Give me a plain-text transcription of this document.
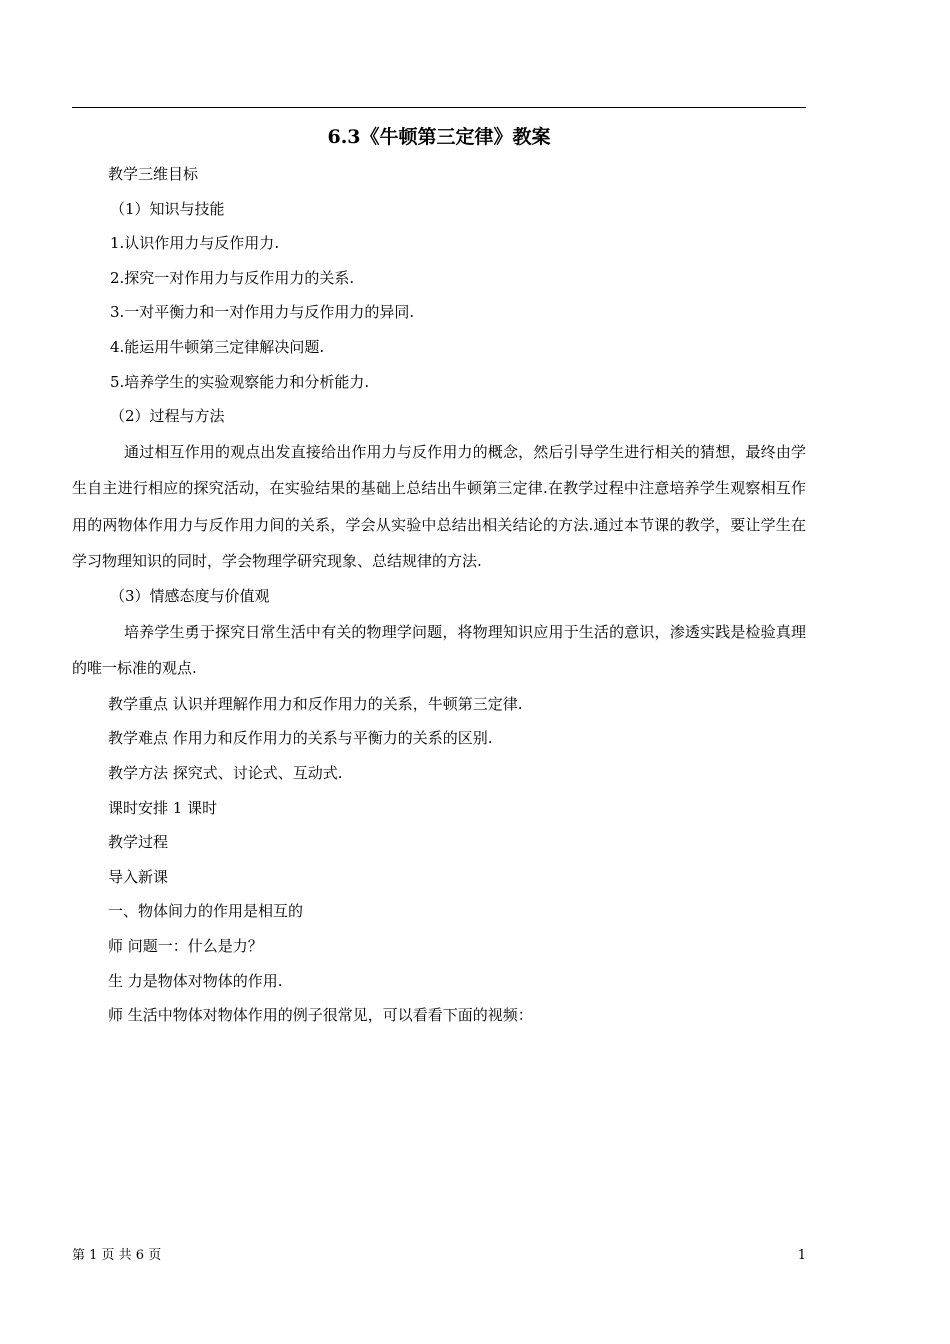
6.3《牛顿第三定律》教案
教学三维目标
（1）知识与技能
1.认识作用力与反作用力.
2.探究一对作用力与反作用力的关系.
3.一对平衡力和一对作用力与反作用力的异同.
4.能运用牛顿第三定律解决问题.
5.培养学生的实验观察能力和分析能力.
（2）过程与方法
通过相互作用的观点出发直接给出作用力与反作用力的概念，然后引导学生进行相关的猜想，最终由学生自主进行相应的探究活动，在实验结果的基础上总结出牛顿第三定律.在教学过程中注意培养学生观察相互作用的两物体作用力与反作用力间的关系，学会从实验中总结出相关结论的方法.通过本节课的教学，要让学生在学习物理知识的同时，学会物理学研究现象、总结规律的方法.
（3）情感态度与价值观
培养学生勇于探究日常生活中有关的物理学问题，将物理知识应用于生活的意识，渗透实践是检验真理的唯一标准的观点.
教学重点 认识并理解作用力和反作用力的关系，牛顿第三定律.
教学难点 作用力和反作用力的关系与平衡力的关系的区别.
教学方法 探究式、讨论式、互动式.
课时安排 1 课时
教学过程
导入新课
一、物体间力的作用是相互的
师 问题一：什么是力？
生 力是物体对物体的作用.
师 生活中物体对物体作用的例子很常见，可以看看下面的视频：
第 1 页 共 6 页	1
